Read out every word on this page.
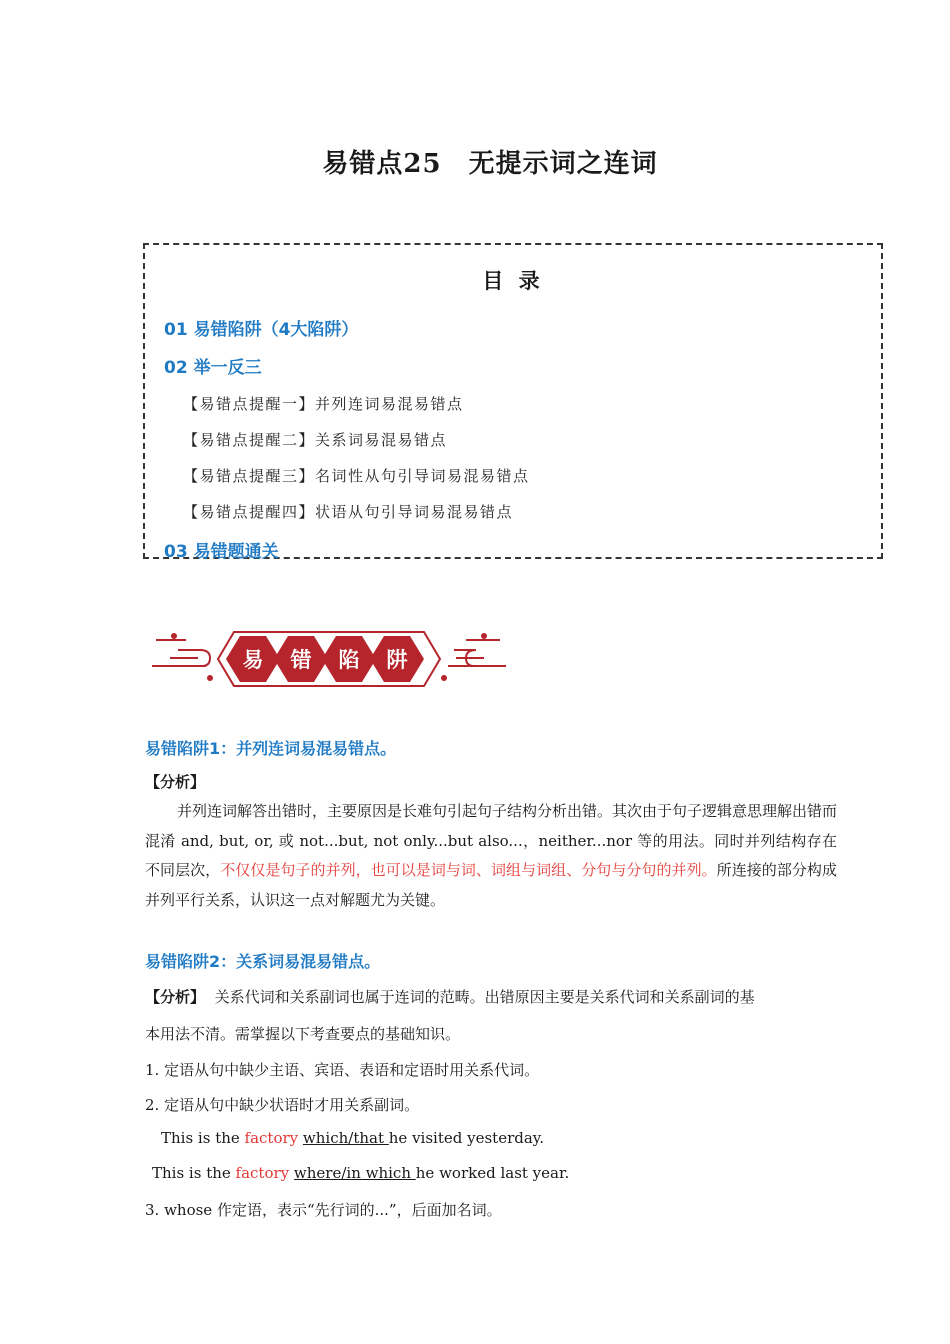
易错点25　无提示词之连词
目 录
01 易错陷阱（4大陷阱）
02 举一反三
【易错点提醒一】并列连词易混易错点
【易错点提醒二】关系词易混易错点
【易错点提醒三】名词性从句引导词易混易错点
【易错点提醒四】状语从句引导词易混易错点
03 易错题通关
易 错 陷 阱
易错陷阱1：并列连词易混易错点。
【分析】
并列连词解答出错时，主要原因是长难句引起句子结构分析出错。其次由于句子逻辑意思理解出错而混淆 and, but, or, 或 not...but, not only...but also...，neither...nor 等的用法。同时并列结构存在不同层次，不仅仅是句子的并列，也可以是词与词、词组与词组、分句与分句的并列。所连接的部分构成并列平行关系，认识这一点对解题尤为关键。
易错陷阱2：关系词易混易错点。
【分析】 关系代词和关系副词也属于连词的范畴。出错原因主要是关系代词和关系副词的基
本用法不清。需掌握以下考查要点的基础知识。
1. 定语从句中缺少主语、宾语、表语和定语时用关系代词。
2. 定语从句中缺少状语时才用关系副词。
This is the factory which/that he visited yesterday.
This is the factory where/in which he worked last year.
3. whose 作定语，表示“先行词的...”，后面加名词。
